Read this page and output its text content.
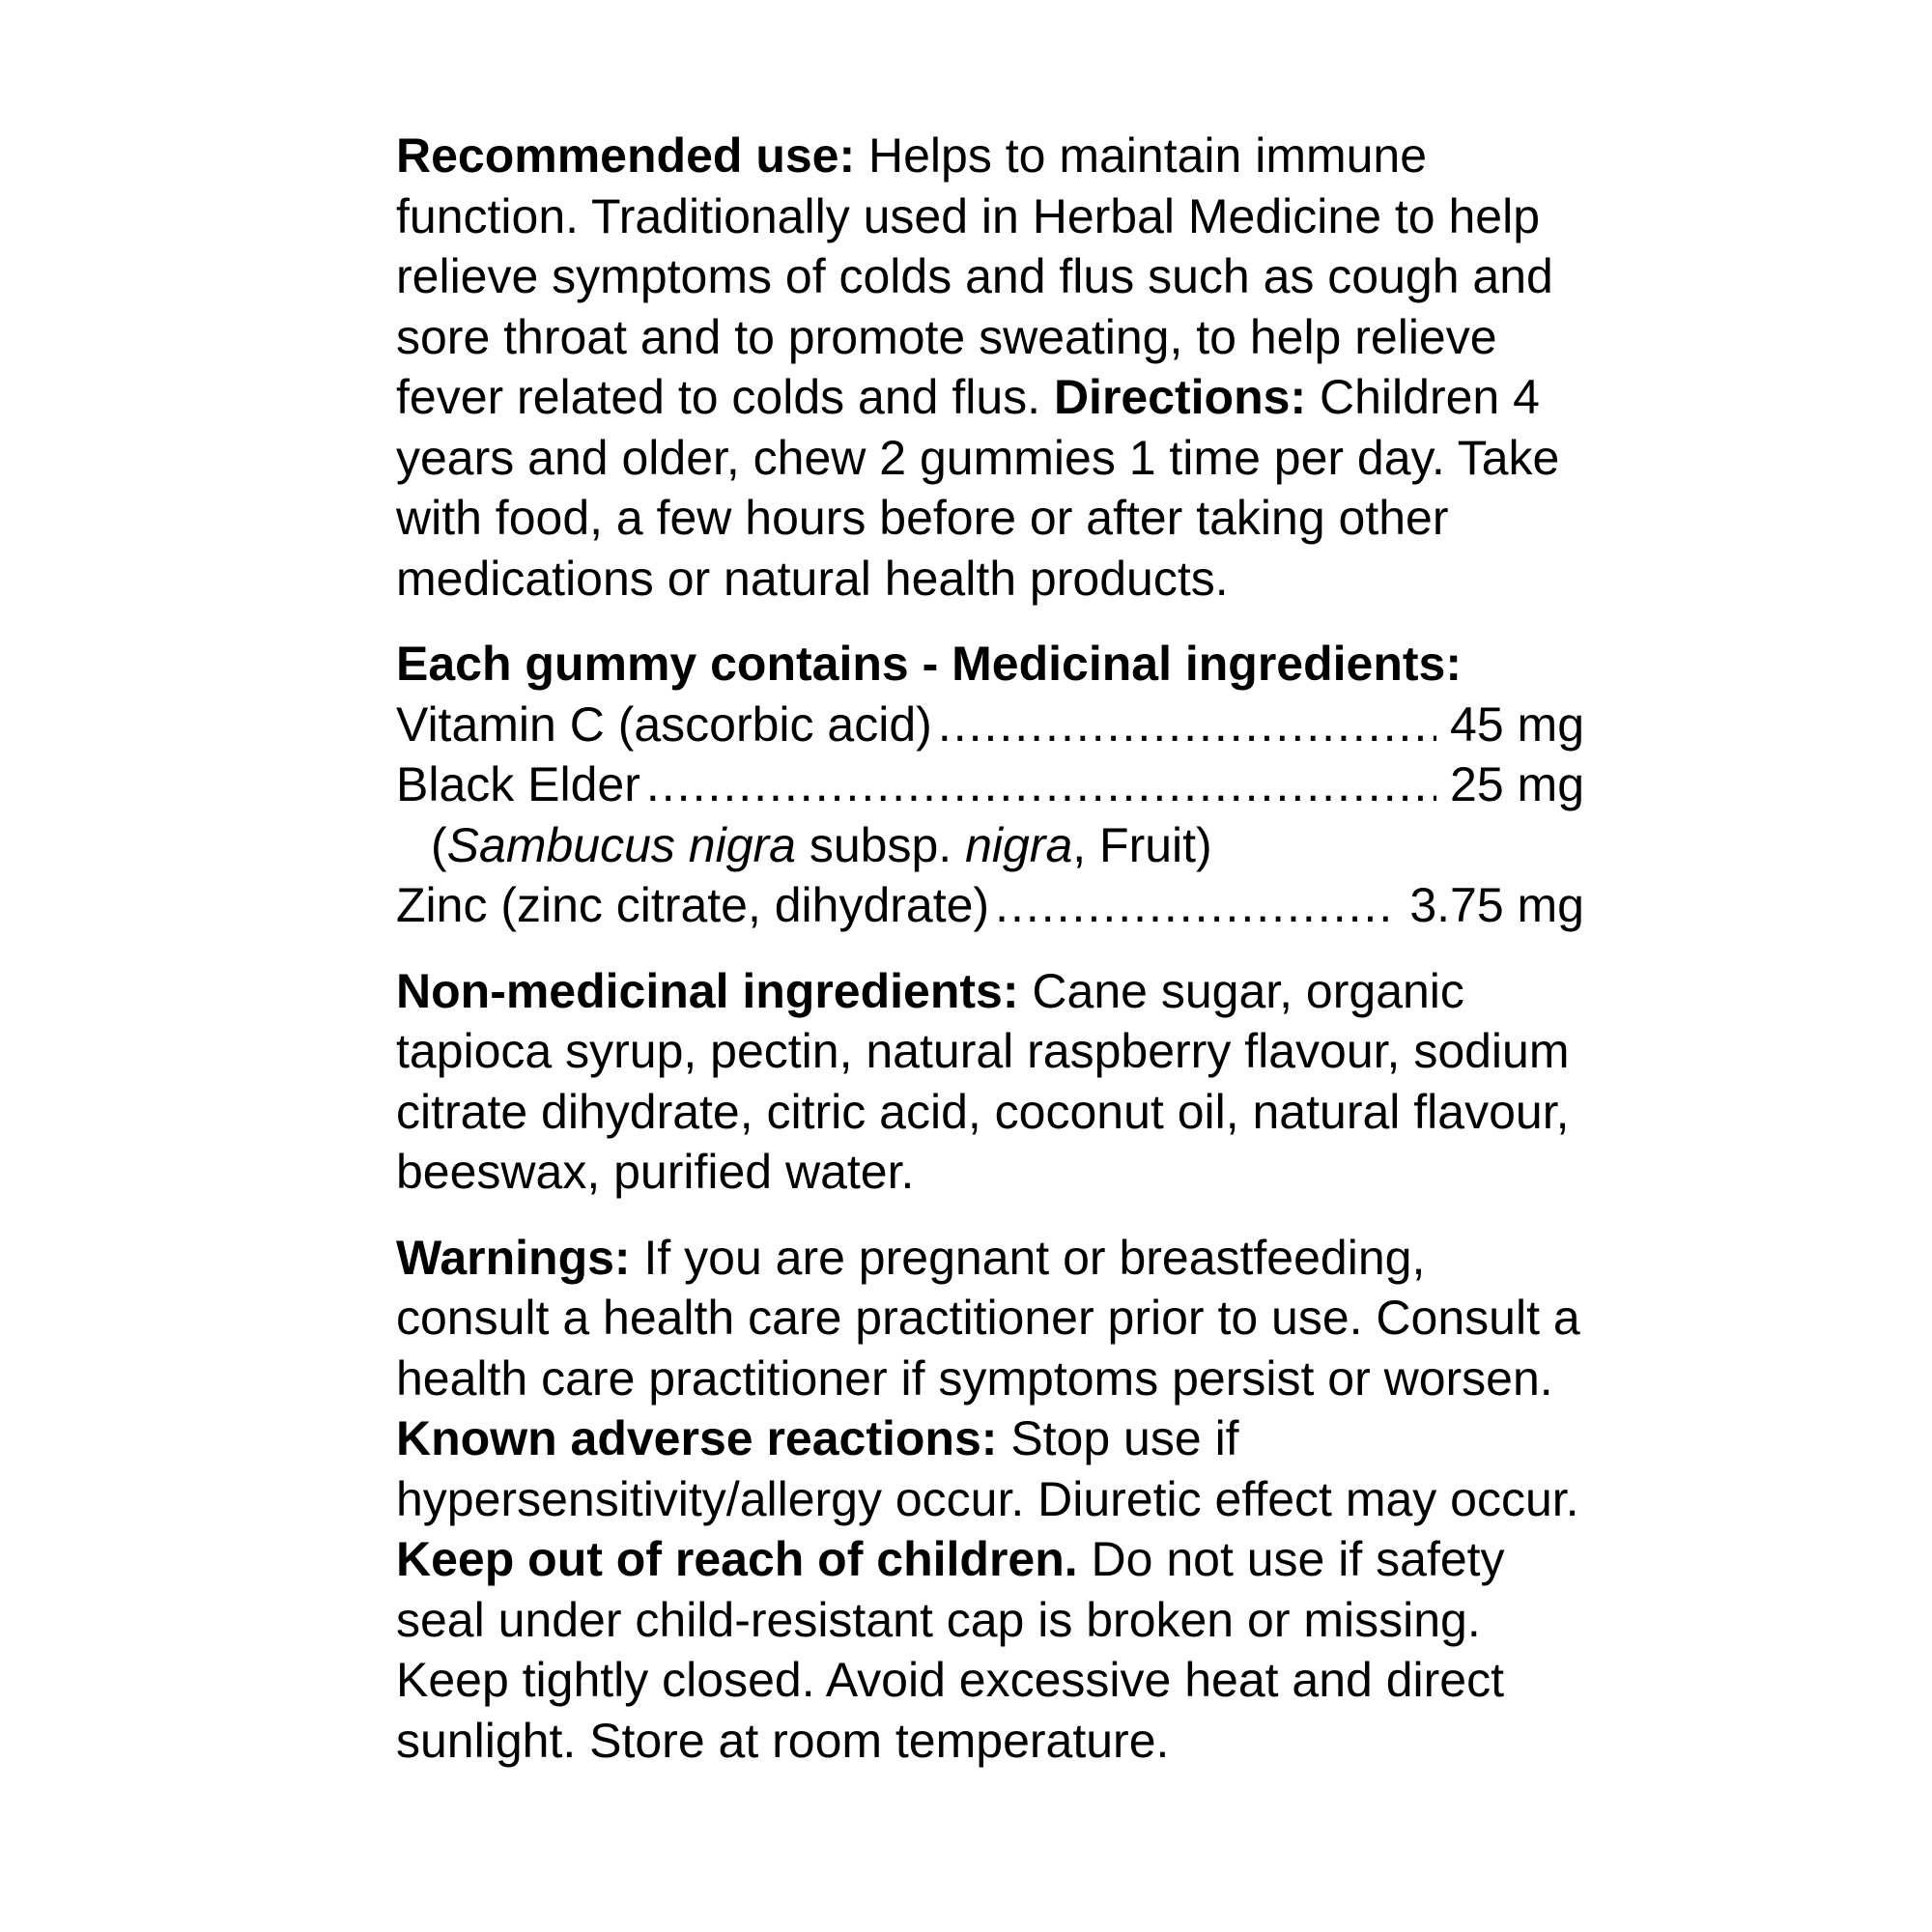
Recommended use: Helps to maintain immune function. Traditionally used in Herbal Medicine to help relieve symptoms of colds and flus such as cough and sore throat and to promote sweating, to help relieve fever related to colds and flus. Directions: Children 4 years and older, chew 2 gummies 1 time per day. Take with food, a few hours before or after taking other medications or natural health products.

Each gummy contains - Medicinal ingredients:

Vitamin C (ascorbic acid) .....	45 mg
Black Elder .....	25 mg
(Sambucus nigra subsp. nigra, Fruit)
Zinc (zinc citrate, dihydrate) .....	3.75 mg

Non-medicinal ingredients: Cane sugar, organic tapioca syrup, pectin, natural raspberry flavour, sodium citrate dihydrate, citric acid, coconut oil, natural flavour, beeswax, purified water.

Warnings: If you are pregnant or breastfeeding, consult a health care practitioner prior to use. Consult a health care practitioner if symptoms persist or worsen. Known adverse reactions: Stop use if hypersensitivity/allergy occur. Diuretic effect may occur. Keep out of reach of children. Do not use if safety seal under child-resistant cap is broken or missing. Keep tightly closed. Avoid excessive heat and direct sunlight. Store at room temperature.
